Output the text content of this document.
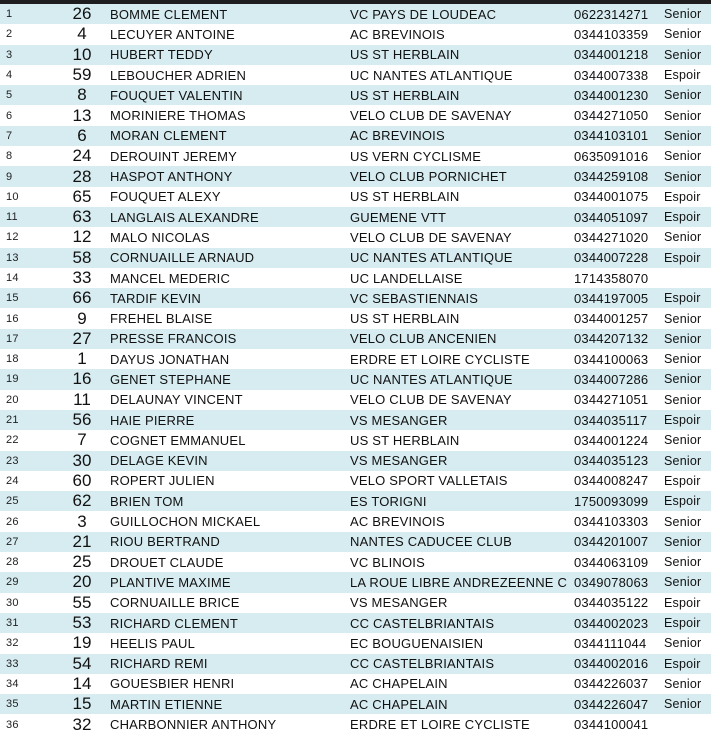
1	26	BOMME CLEMENT	VC PAYS DE LOUDEAC	0622314271	Senior
2	4	LECUYER ANTOINE	AC BREVINOIS	0344103359	Senior
3	10	HUBERT TEDDY	US ST HERBLAIN	0344001218	Senior
4	59	LEBOUCHER ADRIEN	UC NANTES ATLANTIQUE	0344007338	Espoir
5	8	FOUQUET VALENTIN	US ST HERBLAIN	0344001230	Senior
6	13	MORINIERE THOMAS	VELO CLUB DE SAVENAY	0344271050	Senior
7	6	MORAN CLEMENT	AC BREVINOIS	0344103101	Senior
8	24	DEROUINT JEREMY	US VERN CYCLISME	0635091016	Senior
9	28	HASPOT ANTHONY	VELO CLUB PORNICHET	0344259108	Senior
10	65	FOUQUET ALEXY	US ST HERBLAIN	0344001075	Espoir
11	63	LANGLAIS ALEXANDRE	GUEMENE VTT	0344051097	Espoir
12	12	MALO NICOLAS	VELO CLUB DE SAVENAY	0344271020	Senior
13	58	CORNUAILLE ARNAUD	UC NANTES ATLANTIQUE	0344007228	Espoir
14	33	MANCEL MEDERIC	UC LANDELLAISE	1714358070	
15	66	TARDIF KEVIN	VC SEBASTIENNAIS	0344197005	Espoir
16	9	FREHEL BLAISE	US ST HERBLAIN	0344001257	Senior
17	27	PRESSE FRANCOIS	VELO CLUB ANCENIEN	0344207132	Senior
18	1	DAYUS JONATHAN	ERDRE ET LOIRE CYCLISTE	0344100063	Senior
19	16	GENET STEPHANE	UC NANTES ATLANTIQUE	0344007286	Senior
20	11	DELAUNAY VINCENT	VELO CLUB DE SAVENAY	0344271051	Senior
21	56	HAIE PIERRE	VS MESANGER	0344035117	Espoir
22	7	COGNET EMMANUEL	US ST HERBLAIN	0344001224	Senior
23	30	DELAGE KEVIN	VS MESANGER	0344035123	Senior
24	60	ROPERT JULIEN	VELO SPORT VALLETAIS	0344008247	Espoir
25	62	BRIEN TOM	ES TORIGNI	1750093099	Espoir
26	3	GUILLOCHON MICKAEL	AC BREVINOIS	0344103303	Senior
27	21	RIOU BERTRAND	NANTES CADUCEE CLUB	0344201007	Senior
28	25	DROUET CLAUDE	VC BLINOIS	0344063109	Senior
29	20	PLANTIVE MAXIME	LA ROUE LIBRE ANDREZEENNE C	0349078063	Senior
30	55	CORNUAILLE BRICE	VS MESANGER	0344035122	Espoir
31	53	RICHARD CLEMENT	CC CASTELBRIANTAIS	0344002023	Espoir
32	19	HEELIS PAUL	EC BOUGUENAISIEN	0344111044	Senior
33	54	RICHARD REMI	CC CASTELBRIANTAIS	0344002016	Espoir
34	14	GOUESBIER HENRI	AC CHAPELAIN	0344226037	Senior
35	15	MARTIN ETIENNE	AC CHAPELAIN	0344226047	Senior
36	32	CHARBONNIER ANTHONY	ERDRE ET LOIRE CYCLISTE	0344100041	
